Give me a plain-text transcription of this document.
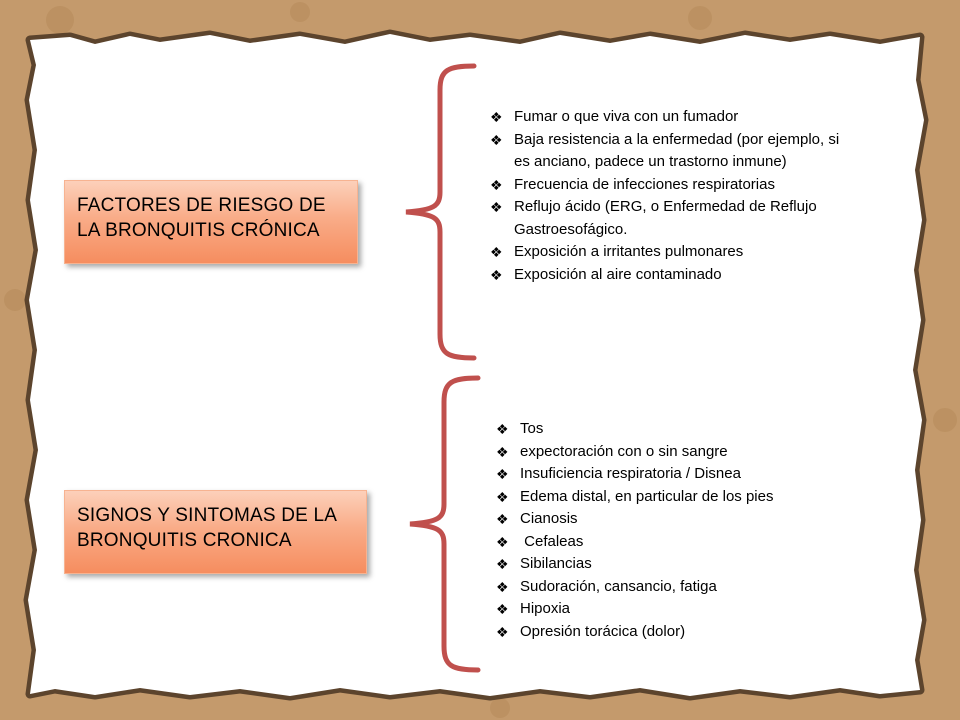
FACTORES DE RIESGO DE
LA BRONQUITIS CRÓNICA
SIGNOS Y SINTOMAS DE LA
BRONQUITIS CRONICA
❖ Fumar o que viva con un fumador
❖ Baja resistencia a la enfermedad (por ejemplo, si es anciano, padece un trastorno inmune)
❖ Frecuencia de infecciones respiratorias
❖ Reflujo ácido (ERG, o Enfermedad de Reflujo Gastroesofágico.
❖ Exposición a irritantes pulmonares
❖ Exposición al aire contaminado
❖ Tos
❖ expectoración con o sin sangre
❖ Insuficiencia respiratoria / Disnea
❖ Edema distal, en particular de los pies
❖ Cianosis
❖ Cefaleas
❖ Sibilancias
❖ Sudoración, cansancio, fatiga
❖ Hipoxia
❖ Opresión torácica (dolor)
